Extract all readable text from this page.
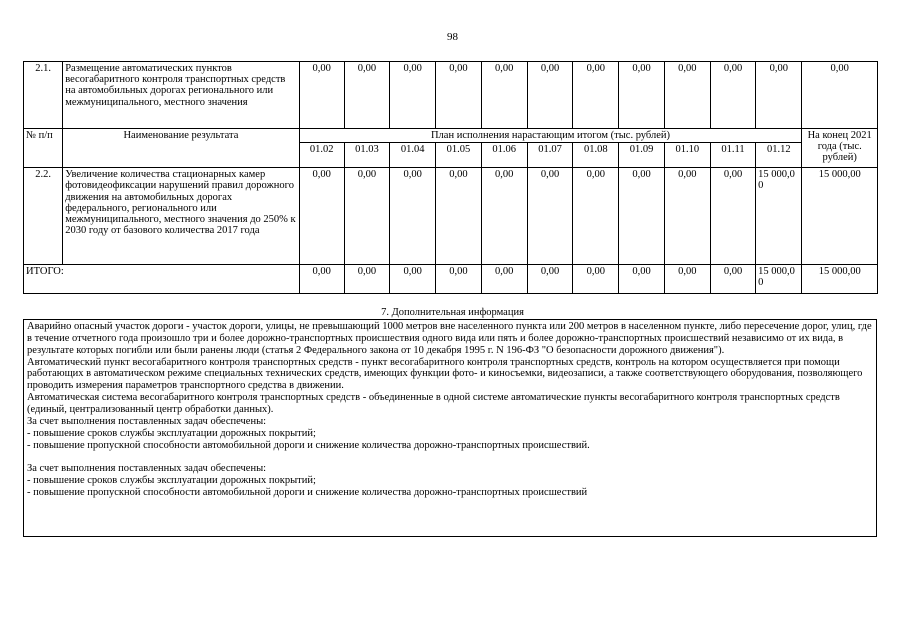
98
2.1.	Размещение автоматических пунктов весогабаритного контроля транспортных средств на автомобильных дорогах регионального или межмуниципального, местного значения	0,00	0,00	0,00	0,00	0,00	0,00	0,00	0,00	0,00	0,00	0,00	0,00
№ п/п	Наименование результата	План исполнения нарастающим итогом (тыс. рублей)											На конец 2021 года (тыс. рублей)
		01.02	01.03	01.04	01.05	01.06	01.07	01.08	01.09	01.10	01.11	01.12	
2.2.	Увеличение количества стационарных камер фотовидеофиксации нарушений правил дорожного движения на автомобильных дорогах федерального, регионального или межмуниципального, местного значения до 250% к 2030 году от базового количества 2017 года	0,00	0,00	0,00	0,00	0,00	0,00	0,00	0,00	0,00	0,00	15 000,00	15 000,00
ИТОГО:		0,00	0,00	0,00	0,00	0,00	0,00	0,00	0,00	0,00	0,00	15 000,00	15 000,00
7. Дополнительная информация

Аварийно опасный участок дороги - участок дороги, улицы, не превышающий 1000 метров вне населенного пункта или 200 метров в населенном пункте, либо пересечение дорог, улиц, где в течение отчетного года произошло три и более дорожно-транспортных происшествия одного вида или пять и более дорожно-транспортных происшествий независимо от их вида, в результате которых погибли или были ранены люди (статья 2 Федерального закона от 10 декабря 1995 г. N 196-ФЗ "О безопасности дорожного движения").

Автоматический пункт весогабаритного контроля транспортных средств - пункт весогабаритного контроля транспортных средств, контроль на котором осуществляется при помощи работающих в автоматическом режиме специальных технических средств, имеющих функции фото- и киносъемки, видеозаписи, а также соответствующего оборудования, позволяющего проводить измерения параметров транспортного средства в движении.

Автоматическая система весогабаритного контроля транспортных средств - объединенные в одной системе автоматические пункты весогабаритного контроля транспортных средств (единый, централизованный центр обработки данных).

За счет выполнения поставленных задач обеспечены:

- повышение сроков службы эксплуатации дорожных покрытий;

- повышение пропускной способности автомобильной дороги и снижение количества дорожно-транспортных происшествий.

За счет выполнения поставленных задач обеспечены:

- повышение сроков службы эксплуатации дорожных покрытий;

- повышение пропускной способности автомобильной дороги и снижение количества дорожно-транспортных происшествий
